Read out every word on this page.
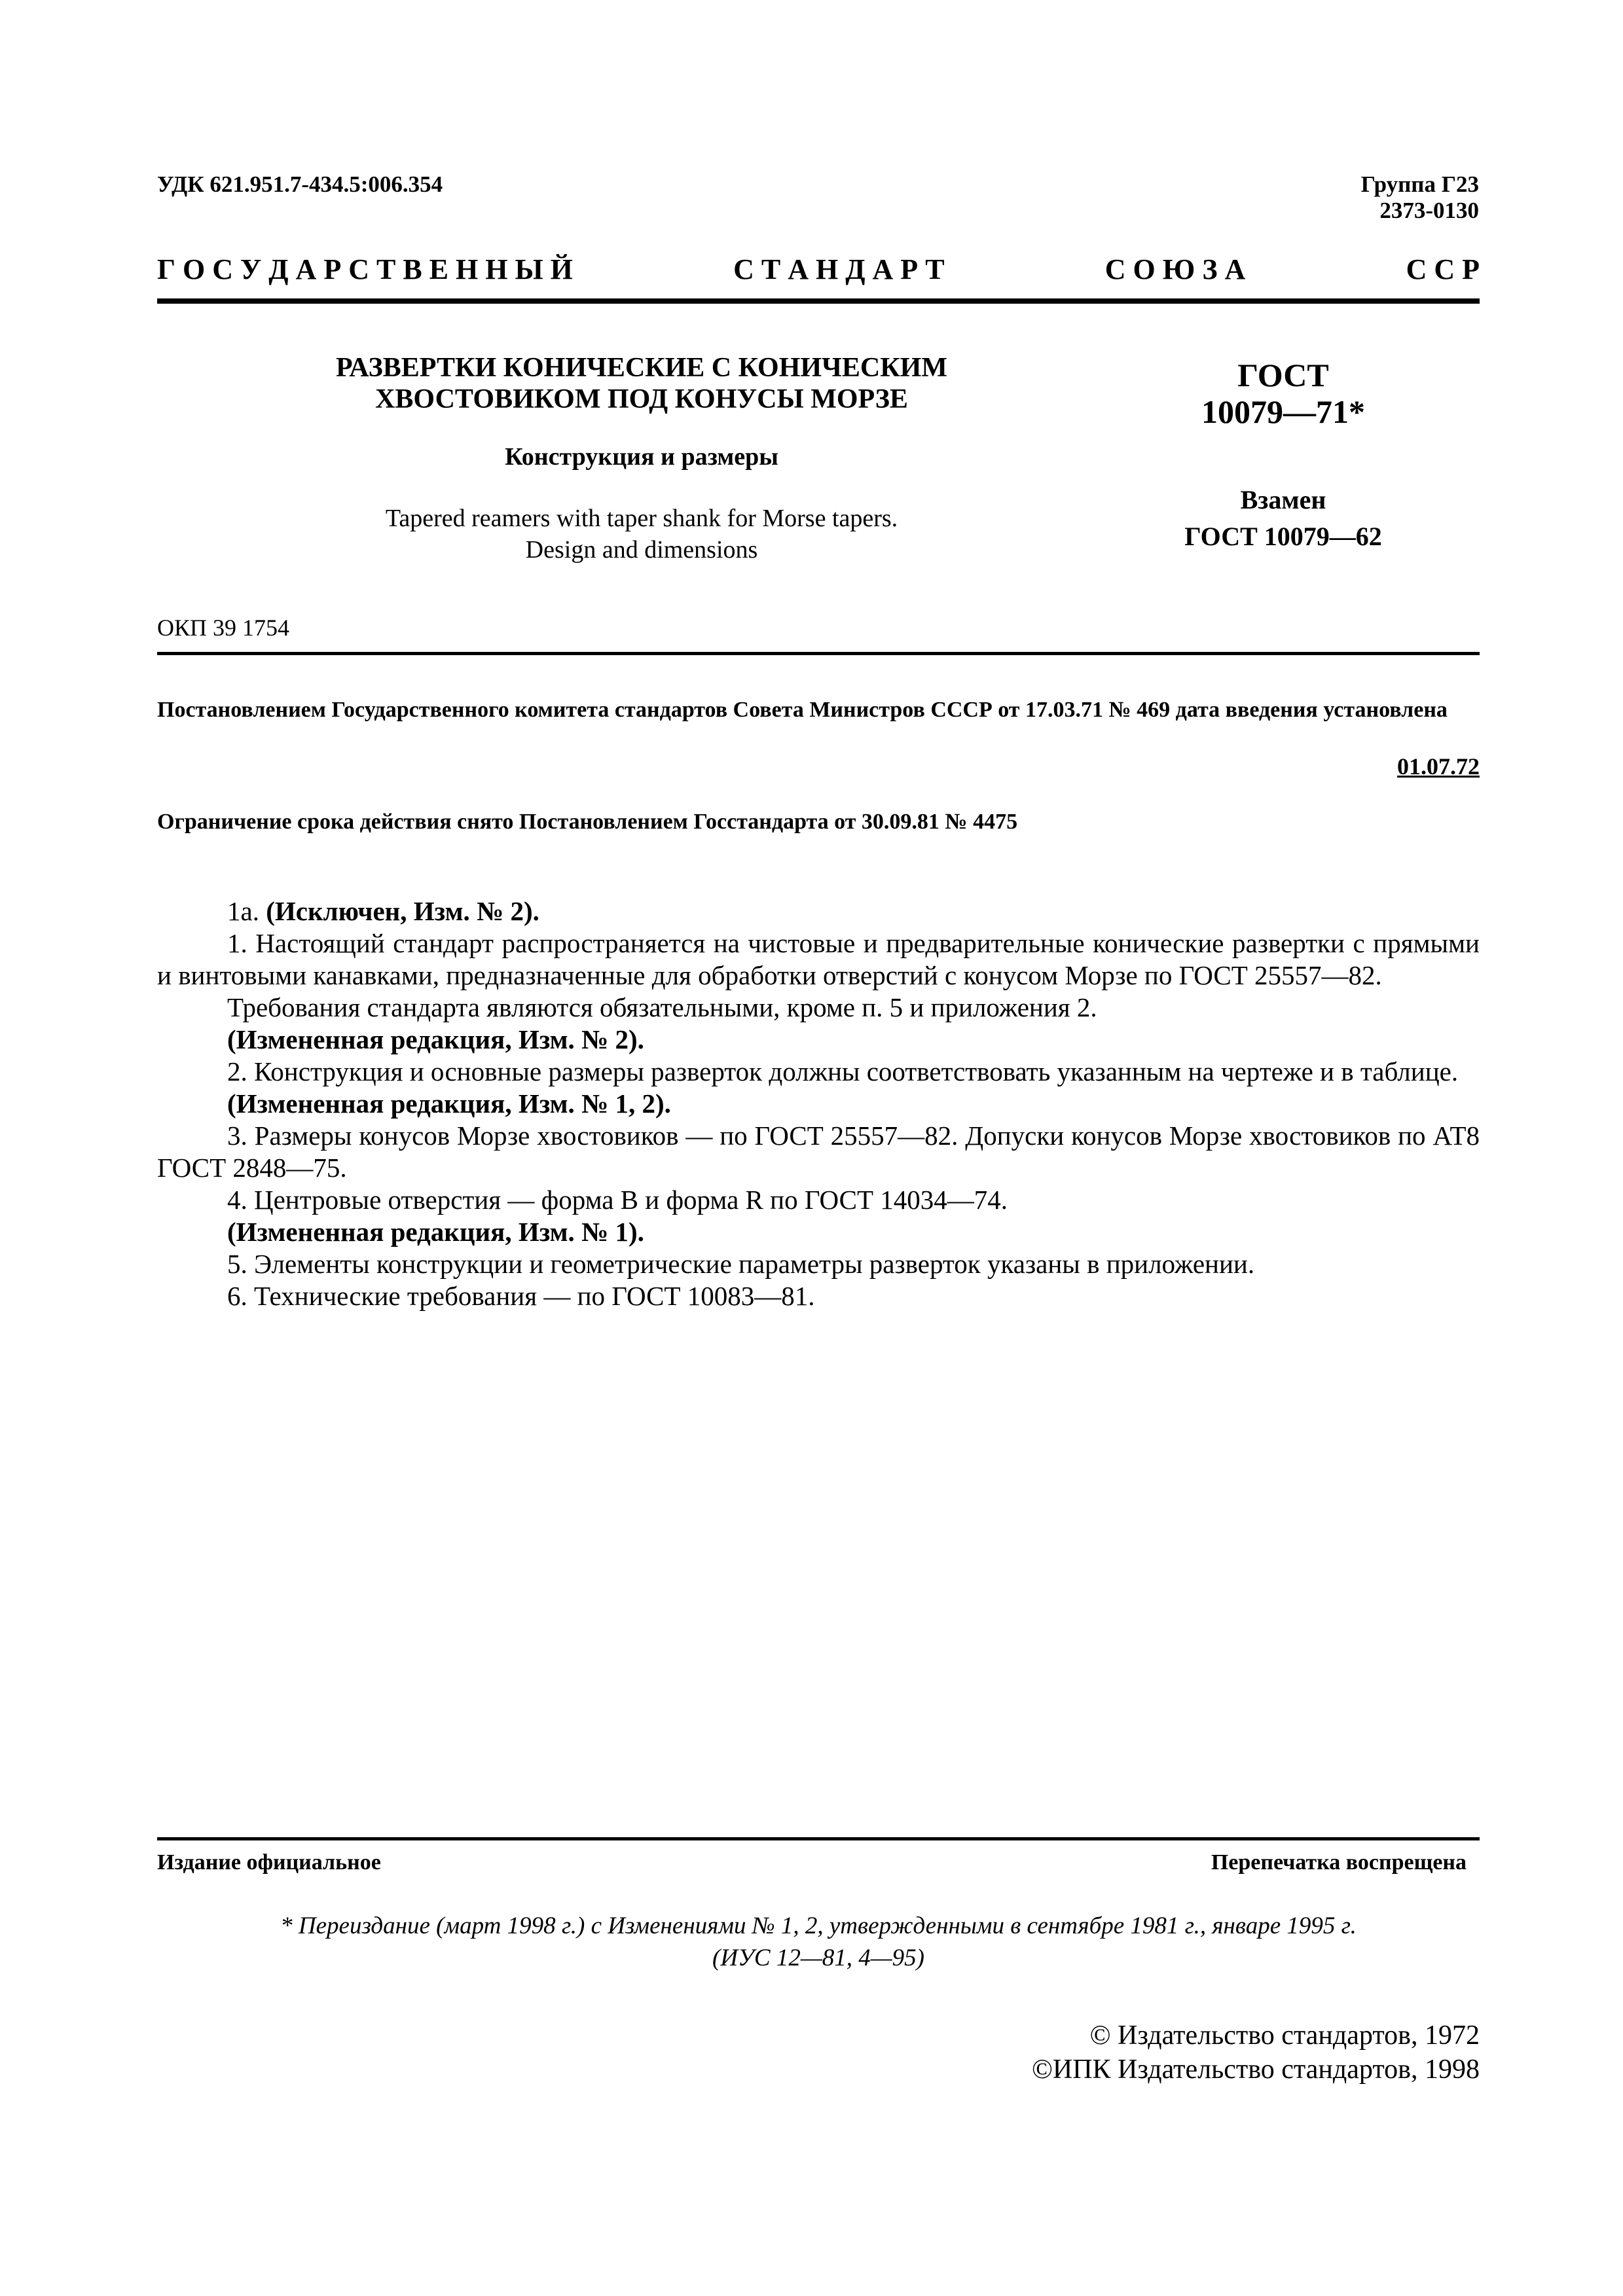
УДК 621.951.7-434.5:006.354	Группа Г23
2373-0130
Г О С У Д А Р С Т В Е Н Н Ы Й	С Т А Н Д А Р Т	С О Ю З А	С С Р
РАЗВЕРТКИ КОНИЧЕСКИЕ С КОНИЧЕСКИМ
ХВОСТОВИКОМ ПОД КОНУСЫ МОРЗЕ
Конструкция и размеры
Tapered reamers with taper shank for Morse tapers.
Design and dimensions
ГОСТ
10079—71*
Взамен
ГОСТ 10079—62
ОКП 39 1754
Постановлением Государственного комитета стандартов Совета Министров СССР от 17.03.71 № 469 дата введения установлена
01.07.72
Ограничение срока действия снято Постановлением Госстандарта от 30.09.81 № 4475

1а. (Исключен, Изм. № 2).

1. Настоящий стандарт распространяется на чистовые и предварительные конические развертки с прямыми и винтовыми канавками, предназначенные для обработки отверстий с конусом Морзе по ГОСТ 25557—82.

Требования стандарта являются обязательными, кроме п. 5 и приложения 2.

(Измененная редакция, Изм. № 2).

2. Конструкция и основные размеры разверток должны соответствовать указанным на чертеже и в таблице.

(Измененная редакция, Изм. № 1, 2).

3. Размеры конусов Морзе хвостовиков — по ГОСТ 25557—82. Допуски конусов Морзе хвостовиков по АТ8 ГОСТ 2848—75.

4. Центровые отверстия — форма В и форма R по ГОСТ 14034—74.

(Измененная редакция, Изм. № 1).

5. Элементы конструкции и геометрические параметры разверток указаны в приложении.

6. Технические требования — по ГОСТ 10083—81.

Издание официальное	Перепечатка воспрещена
* Переиздание (март 1998 г.) с Изменениями № 1, 2, утвержденными в сентябре 1981 г., январе 1995 г.
(ИУС 12—81, 4—95)
© Издательство стандартов, 1972
©ИПК Издательство стандартов, 1998
